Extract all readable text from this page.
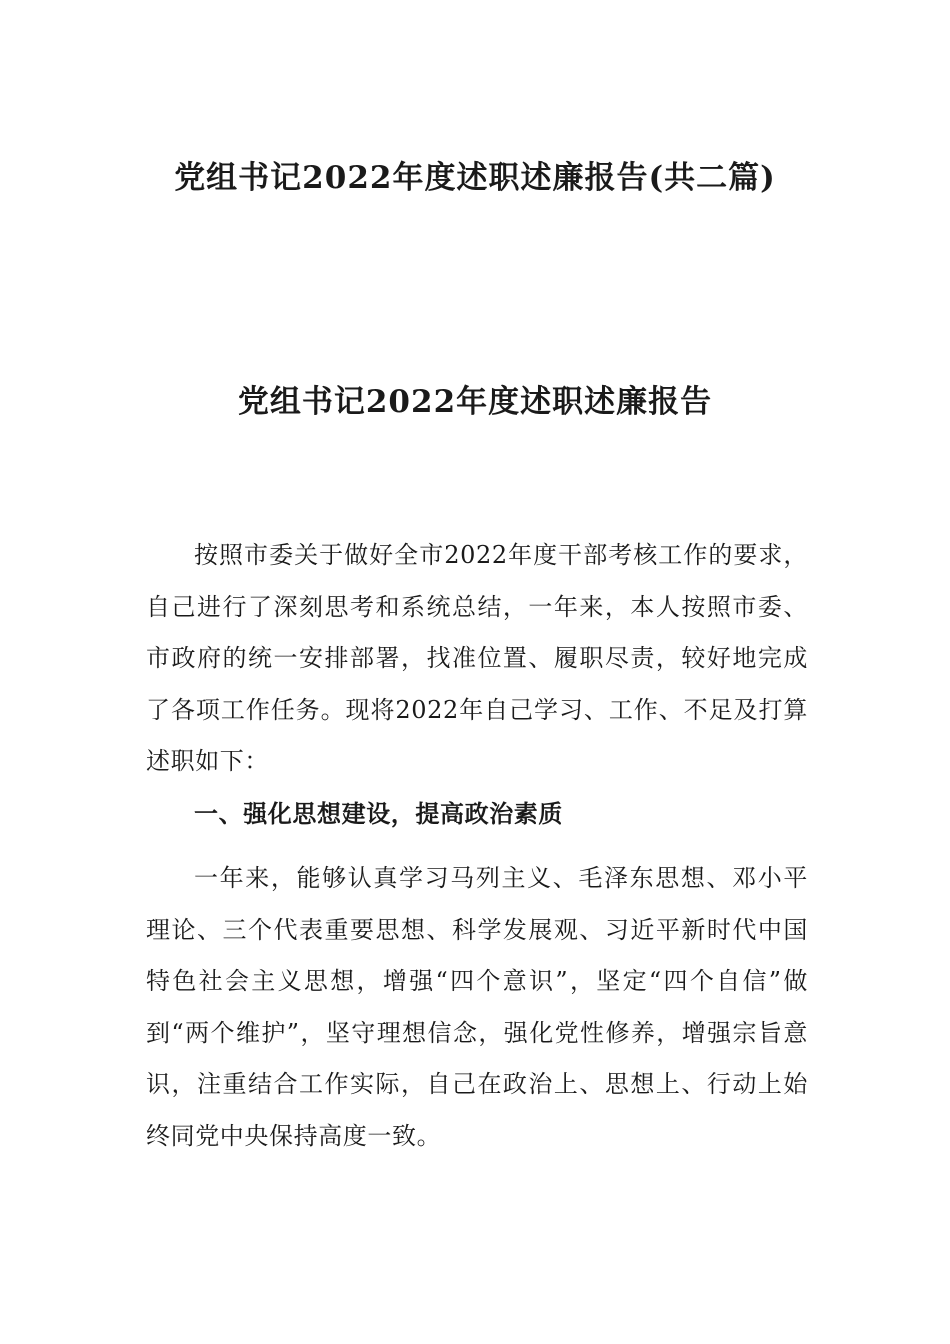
党组书记2022年度述职述廉报告(共二篇)
党组书记2022年度述职述廉报告

按照市委关于做好全市2022年度干部考核工作的要求，自己进行了深刻思考和系统总结，一年来，本人按照市委、市政府的统一安排部署，找准位置、履职尽责，较好地完成了各项工作任务。现将2022年自己学习、工作、不足及打算述职如下：

一、强化思想建设，提高政治素质

一年来，能够认真学习马列主义、毛泽东思想、邓小平理论、三个代表重要思想、科学发展观、习近平新时代中国特色社会主义思想，增强“四个意识”，坚定“四个自信”做到“两个维护”，坚守理想信念，强化党性修养，增强宗旨意识，注重结合工作实际，自己在政治上、思想上、行动上始终同党中央保持高度一致。
